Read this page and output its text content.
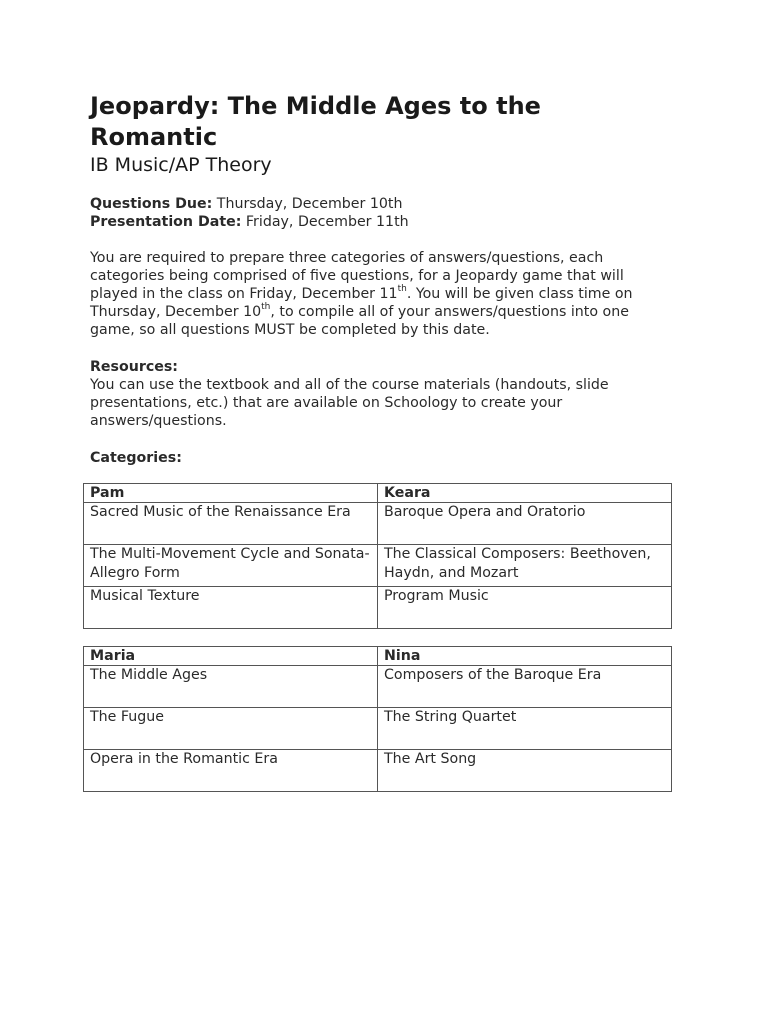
Jeopardy: The Middle Ages to the Romantic
IB Music/AP Theory
Questions Due: Thursday, December 10th
Presentation Date: Friday, December 11th
You are required to prepare three categories of answers/questions, each
categories being comprised of five questions, for a Jeopardy game that will
played in the class on Friday, December 11th. You will be given class time on
Thursday, December 10th, to compile all of your answers/questions into one
game, so all questions MUST be completed by this date.
Resources:
You can use the textbook and all of the course materials (handouts, slide
presentations, etc.) that are available on Schoology to create your
answers/questions.
Categories:
Pam	Keara
Sacred Music of the Renaissance Era	Baroque Opera and Oratorio
The Multi-Movement Cycle and Sonata-Allegro Form	The Classical Composers: Beethoven, Haydn, and Mozart
Musical Texture	Program Music
Maria	Nina
The Middle Ages	Composers of the Baroque Era
The Fugue	The String Quartet
Opera in the Romantic Era	The Art Song
